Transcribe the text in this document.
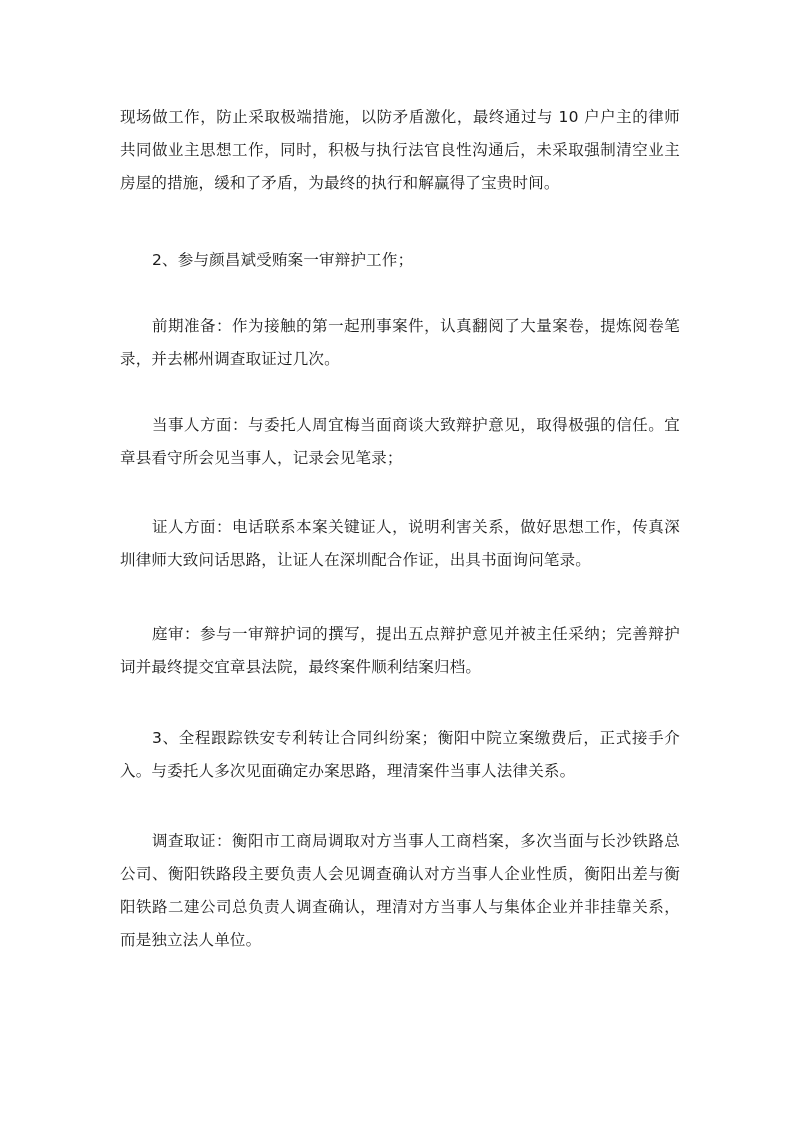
现场做工作，防止采取极端措施，以防矛盾激化，最终通过与 10 户户主的律师
共同做业主思想工作，同时，积极与执行法官良性沟通后，未采取强制清空业主
房屋的措施，缓和了矛盾，为最终的执行和解赢得了宝贵时间。
2、参与颜昌斌受贿案一审辩护工作；
前期准备：作为接触的第一起刑事案件，认真翻阅了大量案卷，提炼阅卷笔
录，并去郴州调查取证过几次。
当事人方面：与委托人周宜梅当面商谈大致辩护意见，取得极强的信任。宜
章县看守所会见当事人，记录会见笔录；
证人方面：电话联系本案关键证人，说明利害关系，做好思想工作，传真深
圳律师大致问话思路，让证人在深圳配合作证，出具书面询问笔录。
庭审：参与一审辩护词的撰写，提出五点辩护意见并被主任采纳；完善辩护
词并最终提交宜章县法院，最终案件顺利结案归档。
3、全程跟踪铁安专利转让合同纠纷案；衡阳中院立案缴费后，正式接手介
入。与委托人多次见面确定办案思路，理清案件当事人法律关系。
调查取证：衡阳市工商局调取对方当事人工商档案，多次当面与长沙铁路总
公司、衡阳铁路段主要负责人会见调查确认对方当事人企业性质，衡阳出差与衡
阳铁路二建公司总负责人调查确认，理清对方当事人与集体企业并非挂靠关系，
而是独立法人单位。
